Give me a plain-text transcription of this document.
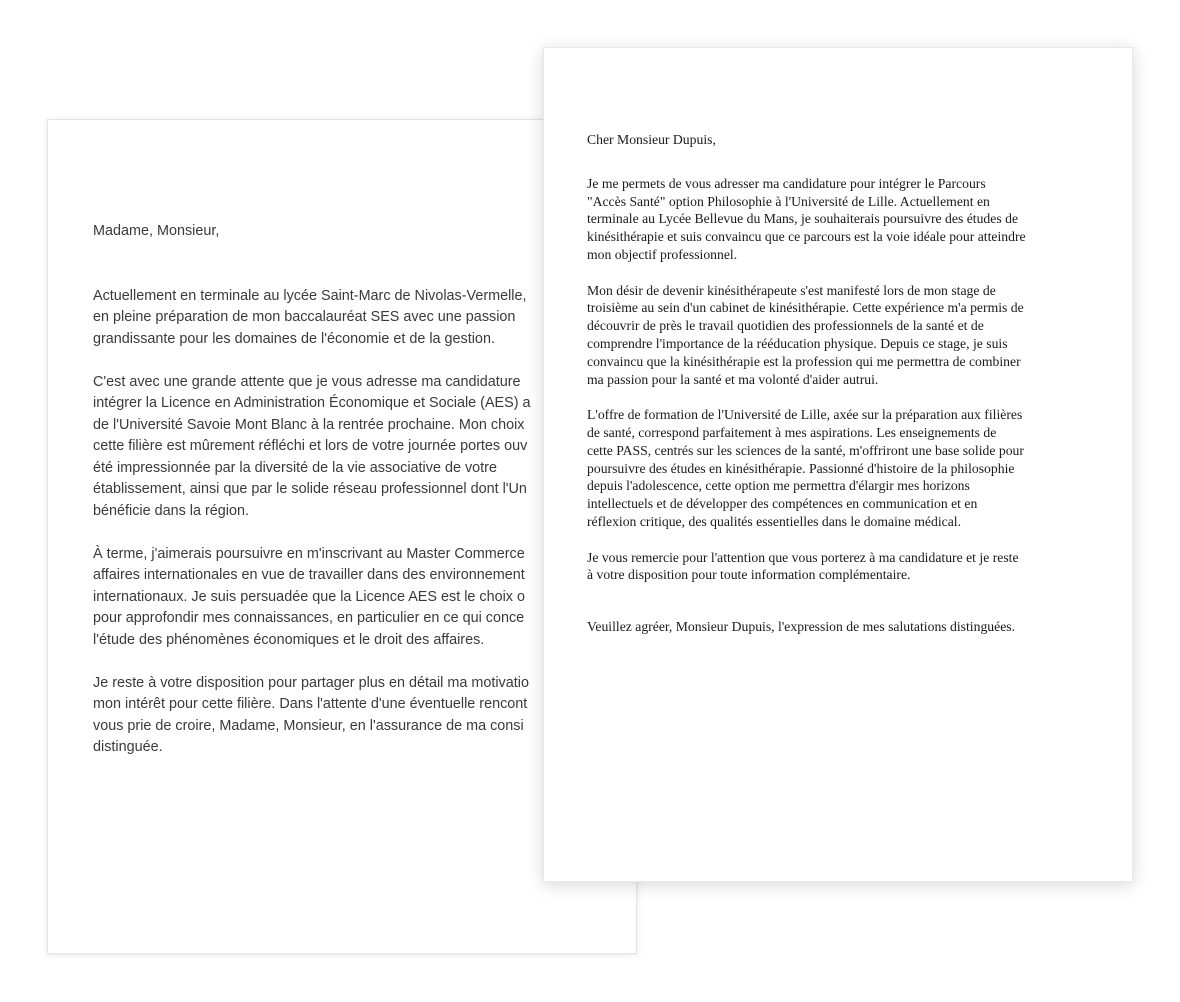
Madame, Monsieur,
Actuellement en terminale au lycée Saint-Marc de Nivolas-Vermelle,
en pleine préparation de mon baccalauréat SES avec une passion
grandissante pour les domaines de l'économie et de la gestion.
C'est avec une grande attente que je vous adresse ma candidature
intégrer la Licence en Administration Économique et Sociale (AES) a
de l'Université Savoie Mont Blanc à la rentrée prochaine. Mon choix
cette filière est mûrement réfléchi et lors de votre journée portes ouv
été impressionnée par la diversité de la vie associative de votre
établissement, ainsi que par le solide réseau professionnel dont l'Un
bénéficie dans la région.
À terme, j'aimerais poursuivre en m'inscrivant au Master Commerce
affaires internationales en vue de travailler dans des environnement
internationaux. Je suis persuadée que la Licence AES est le choix o
pour approfondir mes connaissances, en particulier en ce qui conce
l'étude des phénomènes économiques et le droit des affaires.
Je reste à votre disposition pour partager plus en détail ma motivatio
mon intérêt pour cette filière. Dans l'attente d'une éventuelle rencont
vous prie de croire, Madame, Monsieur, en l'assurance de ma consi
distinguée.
Cher Monsieur Dupuis,
Je me permets de vous adresser ma candidature pour intégrer le Parcours
"Accès Santé" option Philosophie à l'Université de Lille. Actuellement en
terminale au Lycée Bellevue du Mans, je souhaiterais poursuivre des études de
kinésithérapie et suis convaincu que ce parcours est la voie idéale pour atteindre
mon objectif professionnel.
Mon désir de devenir kinésithérapeute s'est manifesté lors de mon stage de
troisième au sein d'un cabinet de kinésithérapie. Cette expérience m'a permis de
découvrir de près le travail quotidien des professionnels de la santé et de
comprendre l'importance de la rééducation physique. Depuis ce stage, je suis
convaincu que la kinésithérapie est la profession qui me permettra de combiner
ma passion pour la santé et ma volonté d'aider autrui.
L'offre de formation de l'Université de Lille, axée sur la préparation aux filières
de santé, correspond parfaitement à mes aspirations. Les enseignements de
cette PASS, centrés sur les sciences de la santé, m'offriront une base solide pour
poursuivre des études en kinésithérapie. Passionné d'histoire de la philosophie
depuis l'adolescence, cette option me permettra d'élargir mes horizons
intellectuels et de développer des compétences en communication et en
réflexion critique, des qualités essentielles dans le domaine médical.
Je vous remercie pour l'attention que vous porterez à ma candidature et je reste
à votre disposition pour toute information complémentaire.
Veuillez agréer, Monsieur Dupuis, l'expression de mes salutations distinguées.
